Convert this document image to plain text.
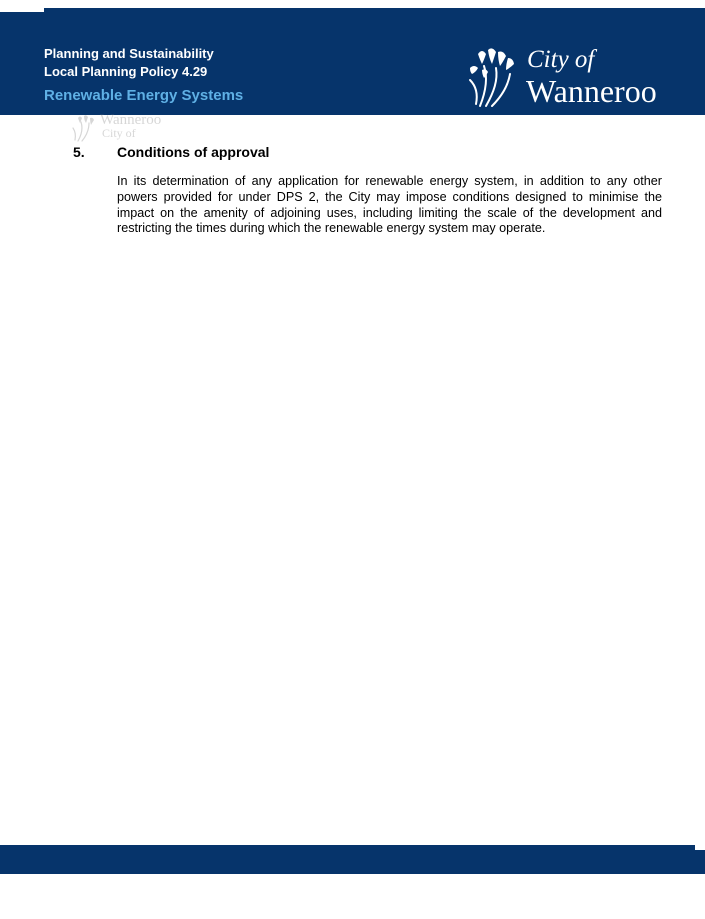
Planning and Sustainability
Local Planning Policy 4.29
Renewable Energy Systems
City of
Wanneroo
Wanneroo
City of
5. Conditions of approval

In its determination of any application for renewable energy system, in addition to any other powers provided for under DPS 2, the City may impose conditions designed to minimise the impact on the amenity of adjoining uses, including limiting the scale of the development and restricting the times during which the renewable energy system may operate.
